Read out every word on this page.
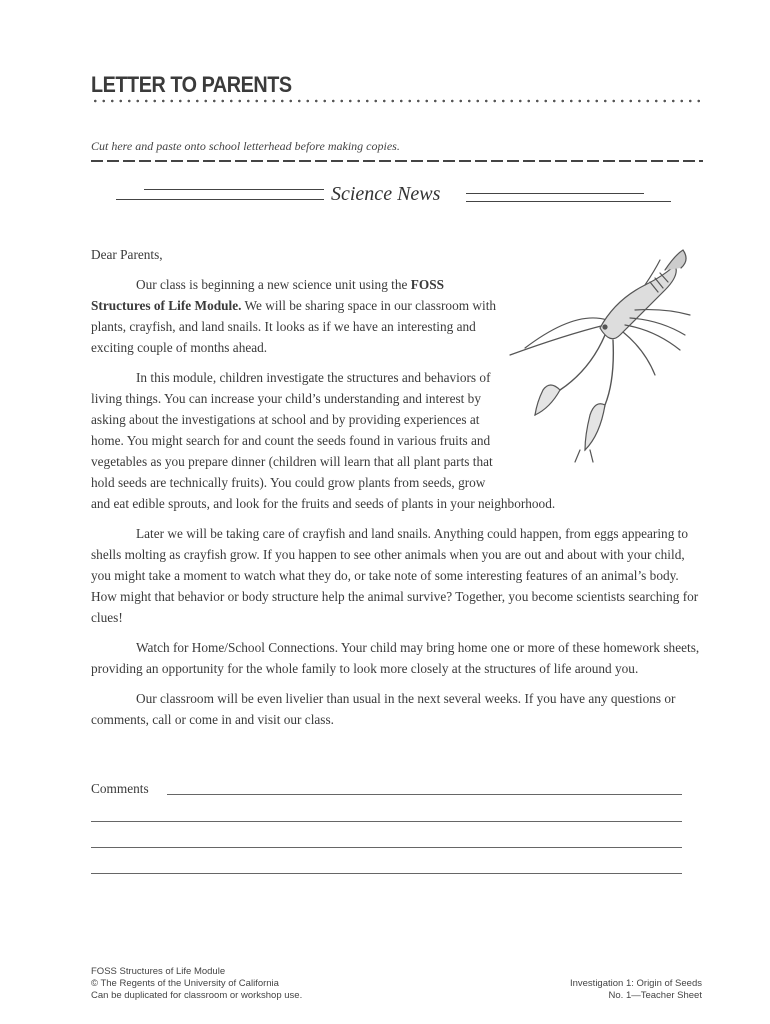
LETTER TO PARENTS
Cut here and paste onto school letterhead before making copies.
Science News

Dear Parents,

Our class is beginning a new science unit using the FOSS Structures of Life Module. We will be sharing space in our classroom with plants, crayfish, and land snails. It looks as if we have an interesting and exciting couple of months ahead.

In this module, children investigate the structures and behaviors of living things. You can increase your child’s understanding and interest by asking about the investigations at school and by providing experiences at home. You might search for and count the seeds found in various fruits and vegetables as you prepare dinner (children will learn that all plant parts that hold seeds are technically fruits). You could grow plants from seeds, grow and eat edible sprouts, and look for the fruits and seeds of plants in your neighborhood.

Later we will be taking care of crayfish and land snails. Anything could happen, from eggs appearing to shells molting as crayfish grow. If you happen to see other animals when you are out and about with your child, you might take a moment to watch what they do, or take note of some interesting features of an animal’s body. How might that behavior or body structure help the animal survive? Together, you become scientists searching for clues!

Watch for Home/School Connections. Your child may bring home one or more of these homework sheets, providing an opportunity for the whole family to look more closely at the structures of life around you.

Our classroom will be even livelier than usual in the next several weeks. If you have any questions or comments, call or come in and visit our class.

Comments
FOSS Structures of Life Module
© The Regents of the University of California
Can be duplicated for classroom or workshop use.
Investigation 1: Origin of Seeds
No. 1—Teacher Sheet
